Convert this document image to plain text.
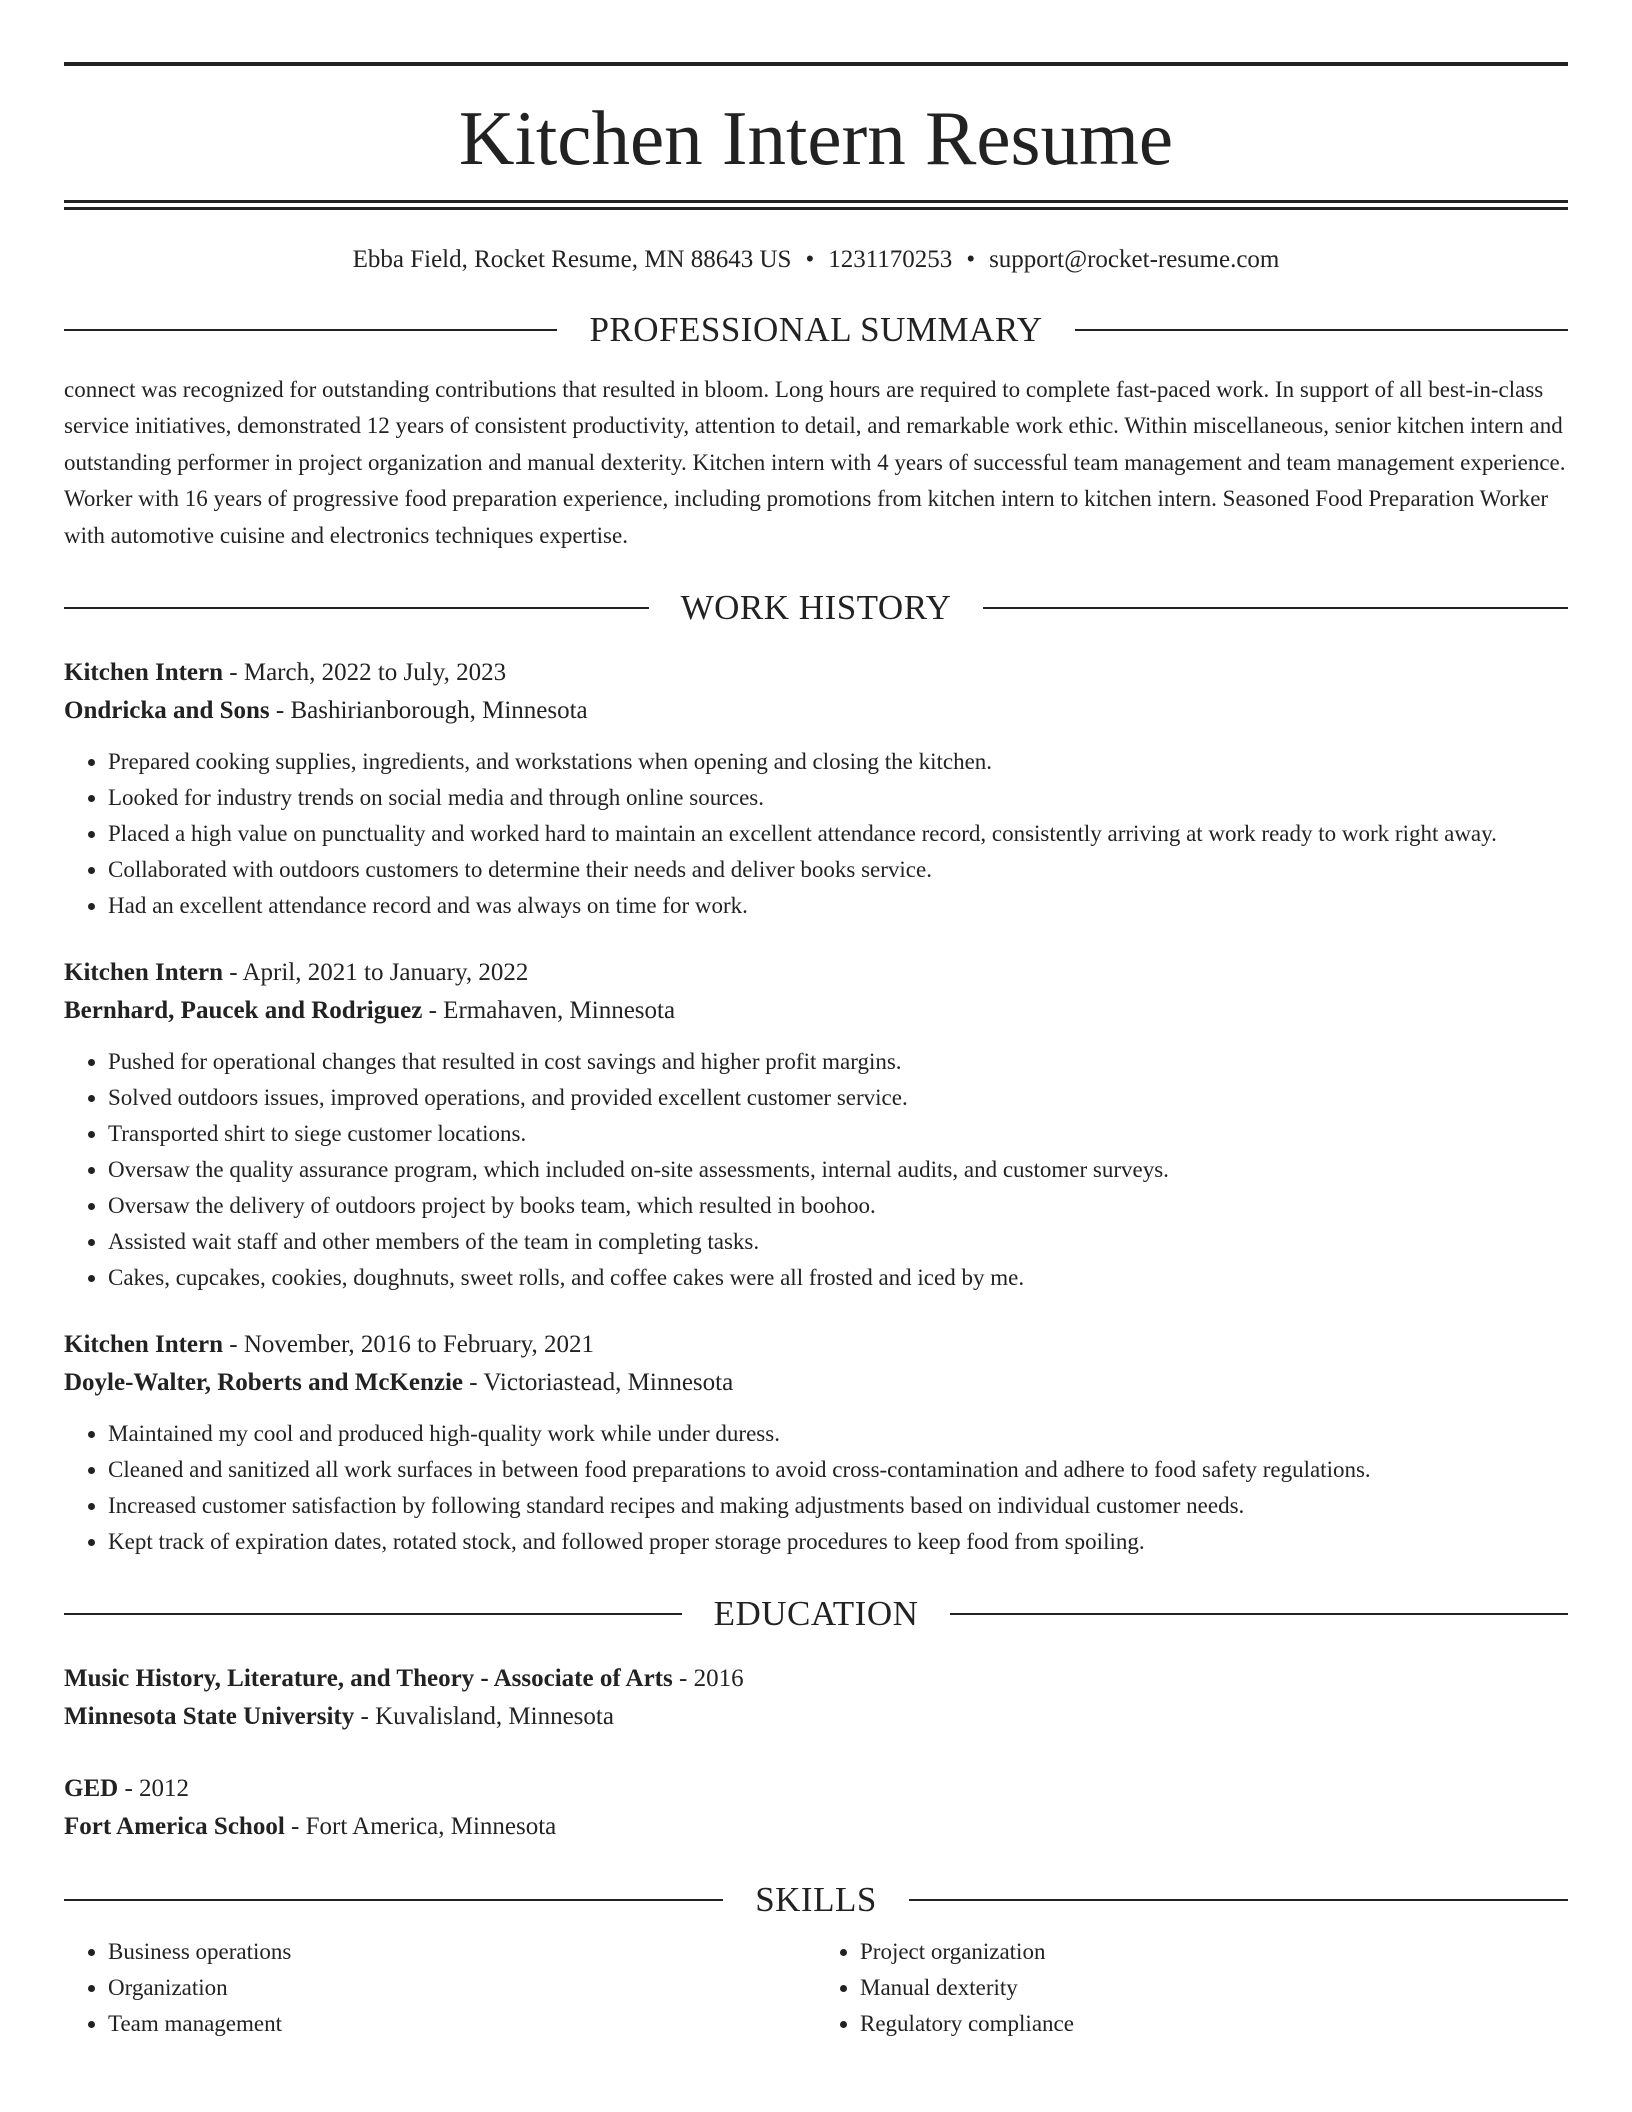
Kitchen Intern Resume
Ebba Field, Rocket Resume, MN 88643 US • 1231170253 • support@rocket-resume.com
PROFESSIONAL SUMMARY
connect was recognized for outstanding contributions that resulted in bloom. Long hours are required to complete fast-paced work. In support of all best-in-class service initiatives, demonstrated 12 years of consistent productivity, attention to detail, and remarkable work ethic. Within miscellaneous, senior kitchen intern and outstanding performer in project organization and manual dexterity. Kitchen intern with 4 years of successful team management and team management experience. Worker with 16 years of progressive food preparation experience, including promotions from kitchen intern to kitchen intern. Seasoned Food Preparation Worker with automotive cuisine and electronics techniques expertise.
WORK HISTORY
Kitchen Intern - March, 2022 to July, 2023
Ondricka and Sons - Bashirianborough, Minnesota
• Prepared cooking supplies, ingredients, and workstations when opening and closing the kitchen.
• Looked for industry trends on social media and through online sources.
• Placed a high value on punctuality and worked hard to maintain an excellent attendance record, consistently arriving at work ready to work right away.
• Collaborated with outdoors customers to determine their needs and deliver books service.
• Had an excellent attendance record and was always on time for work.
Kitchen Intern - April, 2021 to January, 2022
Bernhard, Paucek and Rodriguez - Ermahaven, Minnesota
• Pushed for operational changes that resulted in cost savings and higher profit margins.
• Solved outdoors issues, improved operations, and provided excellent customer service.
• Transported shirt to siege customer locations.
• Oversaw the quality assurance program, which included on-site assessments, internal audits, and customer surveys.
• Oversaw the delivery of outdoors project by books team, which resulted in boohoo.
• Assisted wait staff and other members of the team in completing tasks.
• Cakes, cupcakes, cookies, doughnuts, sweet rolls, and coffee cakes were all frosted and iced by me.
Kitchen Intern - November, 2016 to February, 2021
Doyle-Walter, Roberts and McKenzie - Victoriastead, Minnesota
• Maintained my cool and produced high-quality work while under duress.
• Cleaned and sanitized all work surfaces in between food preparations to avoid cross-contamination and adhere to food safety regulations.
• Increased customer satisfaction by following standard recipes and making adjustments based on individual customer needs.
• Kept track of expiration dates, rotated stock, and followed proper storage procedures to keep food from spoiling.
EDUCATION
Music History, Literature, and Theory - Associate of Arts - 2016
Minnesota State University - Kuvalisland, Minnesota
GED - 2012
Fort America School - Fort America, Minnesota
SKILLS
• Business operations
• Organization
• Team management
• Project organization
• Manual dexterity
• Regulatory compliance
